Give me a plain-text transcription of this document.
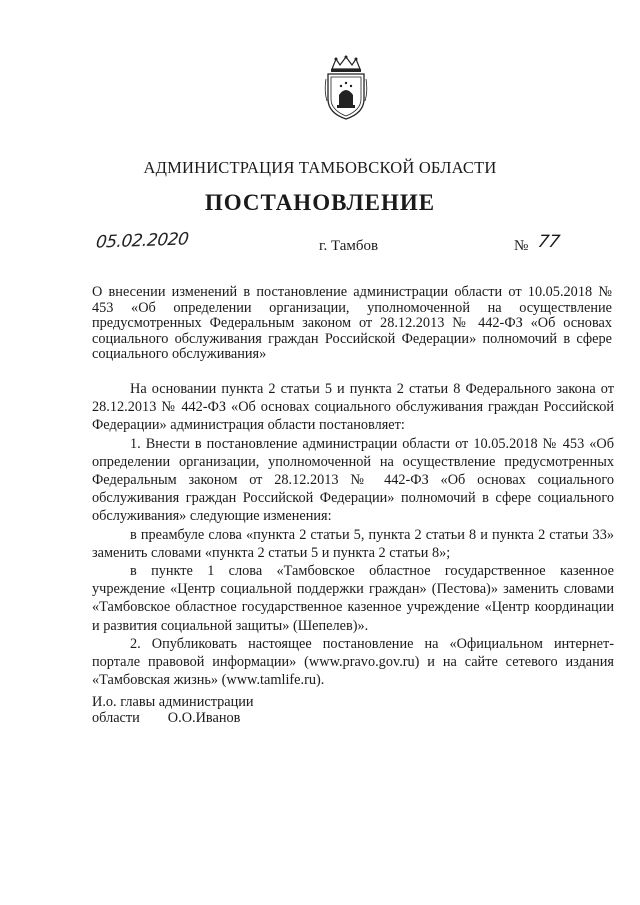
АДМИНИСТРАЦИЯ ТАМБОВСКОЙ ОБЛАСТИ
ПОСТАНОВЛЕНИЕ
05.02.2020	г. Тамбов	№ 77
О внесении изменений в постановление администрации области от 10.05.2018 № 453 «Об определении организации, уполномоченной на осуществление предусмотренных Федеральным законом от 28.12.2013 № 442-ФЗ «Об основах социального обслуживания граждан Российской Федерации» полномочий в сфере социального обслуживания»

На основании пункта 2 статьи 5 и пункта 2 статьи 8 Федерального закона от 28.12.2013 № 442-ФЗ «Об основах социального обслуживания граждан Российской Федерации» администрация области постановляет:

1. Внести в постановление администрации области от 10.05.2018 № 453 «Об определении организации, уполномоченной на осуществление предусмотренных Федеральным законом от 28.12.2013 № 442-ФЗ «Об основах социального обслуживания граждан Российской Федерации» полномочий в сфере социального обслуживания» следующие изменения:

в преамбуле слова «пункта 2 статьи 5, пункта 2 статьи 8 и пункта 2 статьи 33» заменить словами «пункта 2 статьи 5 и пункта 2 статьи 8»;

в пункте 1 слова «Тамбовское областное государственное казенное учреждение «Центр социальной поддержки граждан» (Пестова)» заменить словами «Тамбовское областное государственное казенное учреждение «Центр координации и развития социальной защиты» (Шепелев)».

2. Опубликовать настоящее постановление на «Официальном интернет-портале правовой информации» (www.pravo.gov.ru) и на сайте сетевого издания «Тамбовская жизнь» (www.tamlife.ru).

И.о. главы администрации
области О.О.Иванов
